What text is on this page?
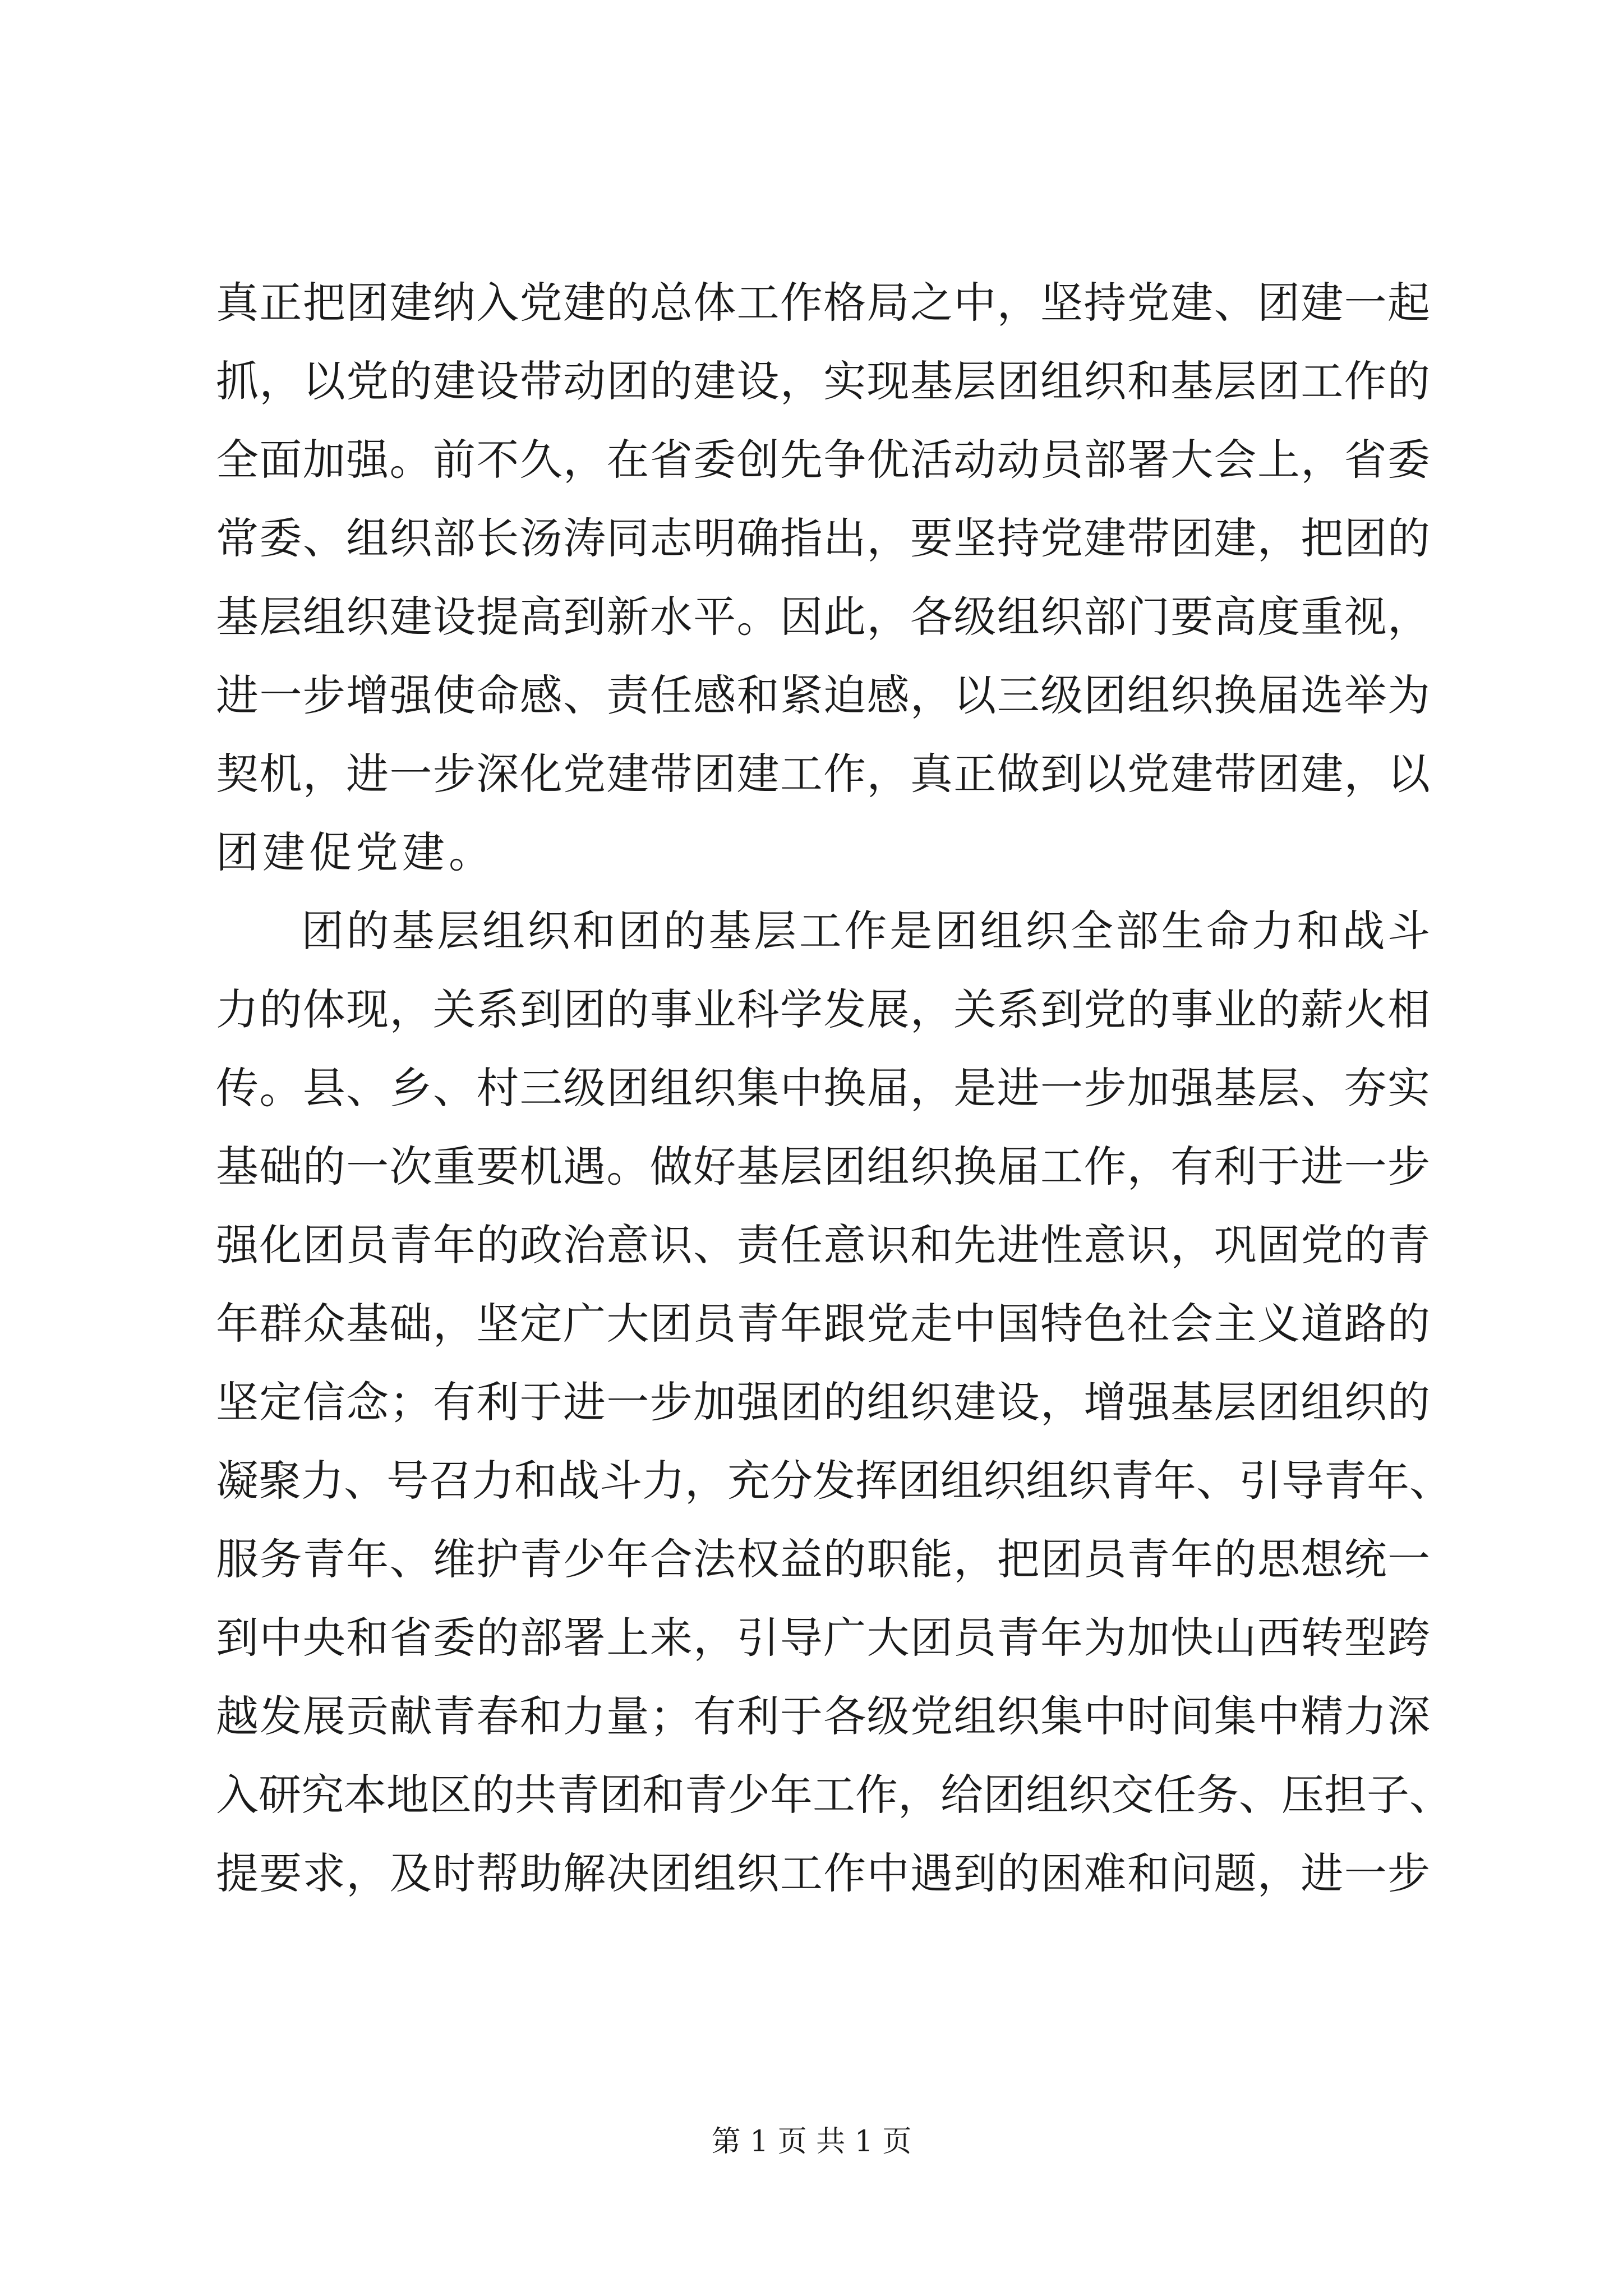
真正把团建纳入党建的总体工作格局之中，坚持党建、团建一起
抓，以党的建设带动团的建设，实现基层团组织和基层团工作的
全面加强。前不久，在省委创先争优活动动员部署大会上，省委
常委、组织部长汤涛同志明确指出，要坚持党建带团建，把团的
基层组织建设提高到新水平。因此，各级组织部门要高度重视，
进一步增强使命感、责任感和紧迫感，以三级团组织换届选举为
契机，进一步深化党建带团建工作，真正做到以党建带团建，以
团建促党建。
团的基层组织和团的基层工作是团组织全部生命力和战斗
力的体现，关系到团的事业科学发展，关系到党的事业的薪火相
传。县、乡、村三级团组织集中换届，是进一步加强基层、夯实
基础的一次重要机遇。做好基层团组织换届工作，有利于进一步
强化团员青年的政治意识、责任意识和先进性意识，巩固党的青
年群众基础，坚定广大团员青年跟党走中国特色社会主义道路的
坚定信念；有利于进一步加强团的组织建设，增强基层团组织的
凝聚力、号召力和战斗力，充分发挥团组织组织青年、引导青年、
服务青年、维护青少年合法权益的职能，把团员青年的思想统一
到中央和省委的部署上来，引导广大团员青年为加快山西转型跨
越发展贡献青春和力量；有利于各级党组织集中时间集中精力深
入研究本地区的共青团和青少年工作，给团组织交任务、压担子、
提要求，及时帮助解决团组织工作中遇到的困难和问题，进一步
第 1 页 共 1 页
